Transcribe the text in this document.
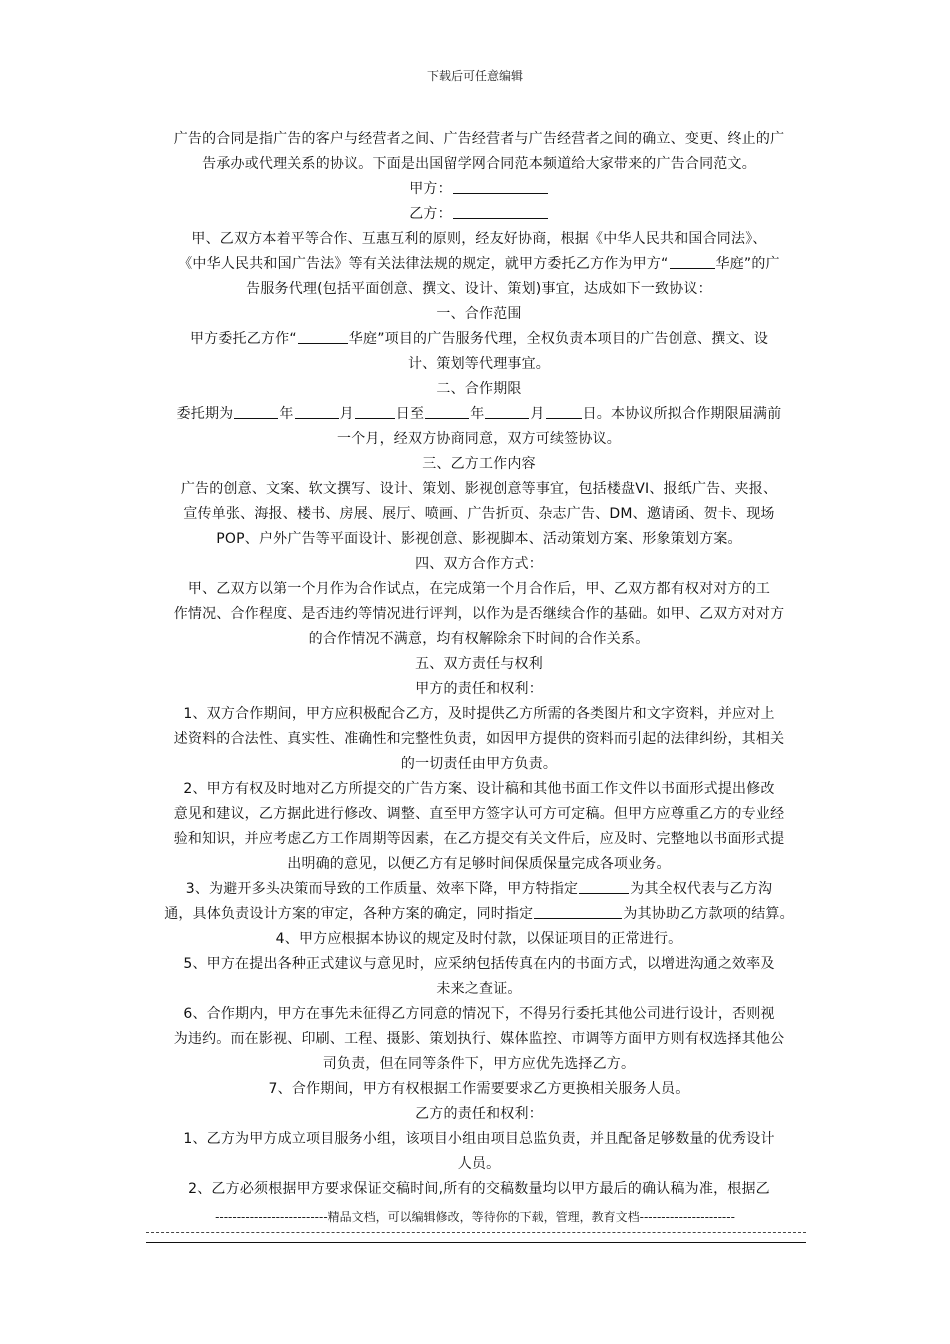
下载后可任意编辑
广告的合同是指广告的客户与经营者之间、广告经营者与广告经营者之间的确立、变更、终止的广
告承办或代理关系的协议。下面是出国留学网合同范本频道给大家带来的广告合同范文。
甲方：
乙方：
甲、乙双方本着平等合作、互惠互利的原则，经友好协商，根据《中华人民共和国合同法》、
《中华人民共和国广告法》等有关法律法规的规定，就甲方委托乙方作为甲方“	华庭”的广
告服务代理(包括平面创意、撰文、设计、策划)事宜，达成如下一致协议：
一、合作范围
甲方委托乙方作“	华庭”项目的广告服务代理，全权负责本项目的广告创意、撰文、设
计、策划等代理事宜。
二、合作期限
委托期为	年	月	日至	年	月	日。本协议所拟合作期限届满前
一个月，经双方协商同意，双方可续签协议。
三、乙方工作内容
广告的创意、文案、软文撰写、设计、策划、影视创意等事宜，包括楼盘VI、报纸广告、夹报、
宣传单张、海报、楼书、房展、展厅、喷画、广告折页、杂志广告、DM、邀请函、贺卡、现场
POP、户外广告等平面设计、影视创意、影视脚本、活动策划方案、形象策划方案。
四、双方合作方式：
甲、乙双方以第一个月作为合作试点，在完成第一个月合作后，甲、乙双方都有权对对方的工
作情况、合作程度、是否违约等情况进行评判，以作为是否继续合作的基础。如甲、乙双方对对方
的合作情况不满意，均有权解除余下时间的合作关系。
五、双方责任与权利
甲方的责任和权利：
1、双方合作期间，甲方应积极配合乙方，及时提供乙方所需的各类图片和文字资料，并应对上
述资料的合法性、真实性、准确性和完整性负责，如因甲方提供的资料而引起的法律纠纷，其相关
的一切责任由甲方负责。
2、甲方有权及时地对乙方所提交的广告方案、设计稿和其他书面工作文件以书面形式提出修改
意见和建议，乙方据此进行修改、调整、直至甲方签字认可方可定稿。但甲方应尊重乙方的专业经
验和知识，并应考虑乙方工作周期等因素，在乙方提交有关文件后，应及时、完整地以书面形式提
出明确的意见，以便乙方有足够时间保质保量完成各项业务。
3、为避开多头决策而导致的工作质量、效率下降，甲方特指定	为其全权代表与乙方沟
通，具体负责设计方案的审定，各种方案的确定，同时指定	为其协助乙方款项的结算。
4、甲方应根据本协议的规定及时付款，以保证项目的正常进行。
5、甲方在提出各种正式建议与意见时，应采纳包括传真在内的书面方式，以增进沟通之效率及
未来之查证。
6、合作期内，甲方在事先未征得乙方同意的情况下，不得另行委托其他公司进行设计，否则视
为违约。而在影视、印刷、工程、摄影、策划执行、媒体监控、市调等方面甲方则有权选择其他公
司负责，但在同等条件下，甲方应优先选择乙方。
7、合作期间，甲方有权根据工作需要要求乙方更换相关服务人员。
乙方的责任和权利：
1、乙方为甲方成立项目服务小组，该项目小组由项目总监负责，并且配备足够数量的优秀设计
人员。
2、乙方必须根据甲方要求保证交稿时间,所有的交稿数量均以甲方最后的确认稿为准，根据乙
--------------------------精品文档，可以编辑修改，等待你的下载，管理，教育文档----------------------
